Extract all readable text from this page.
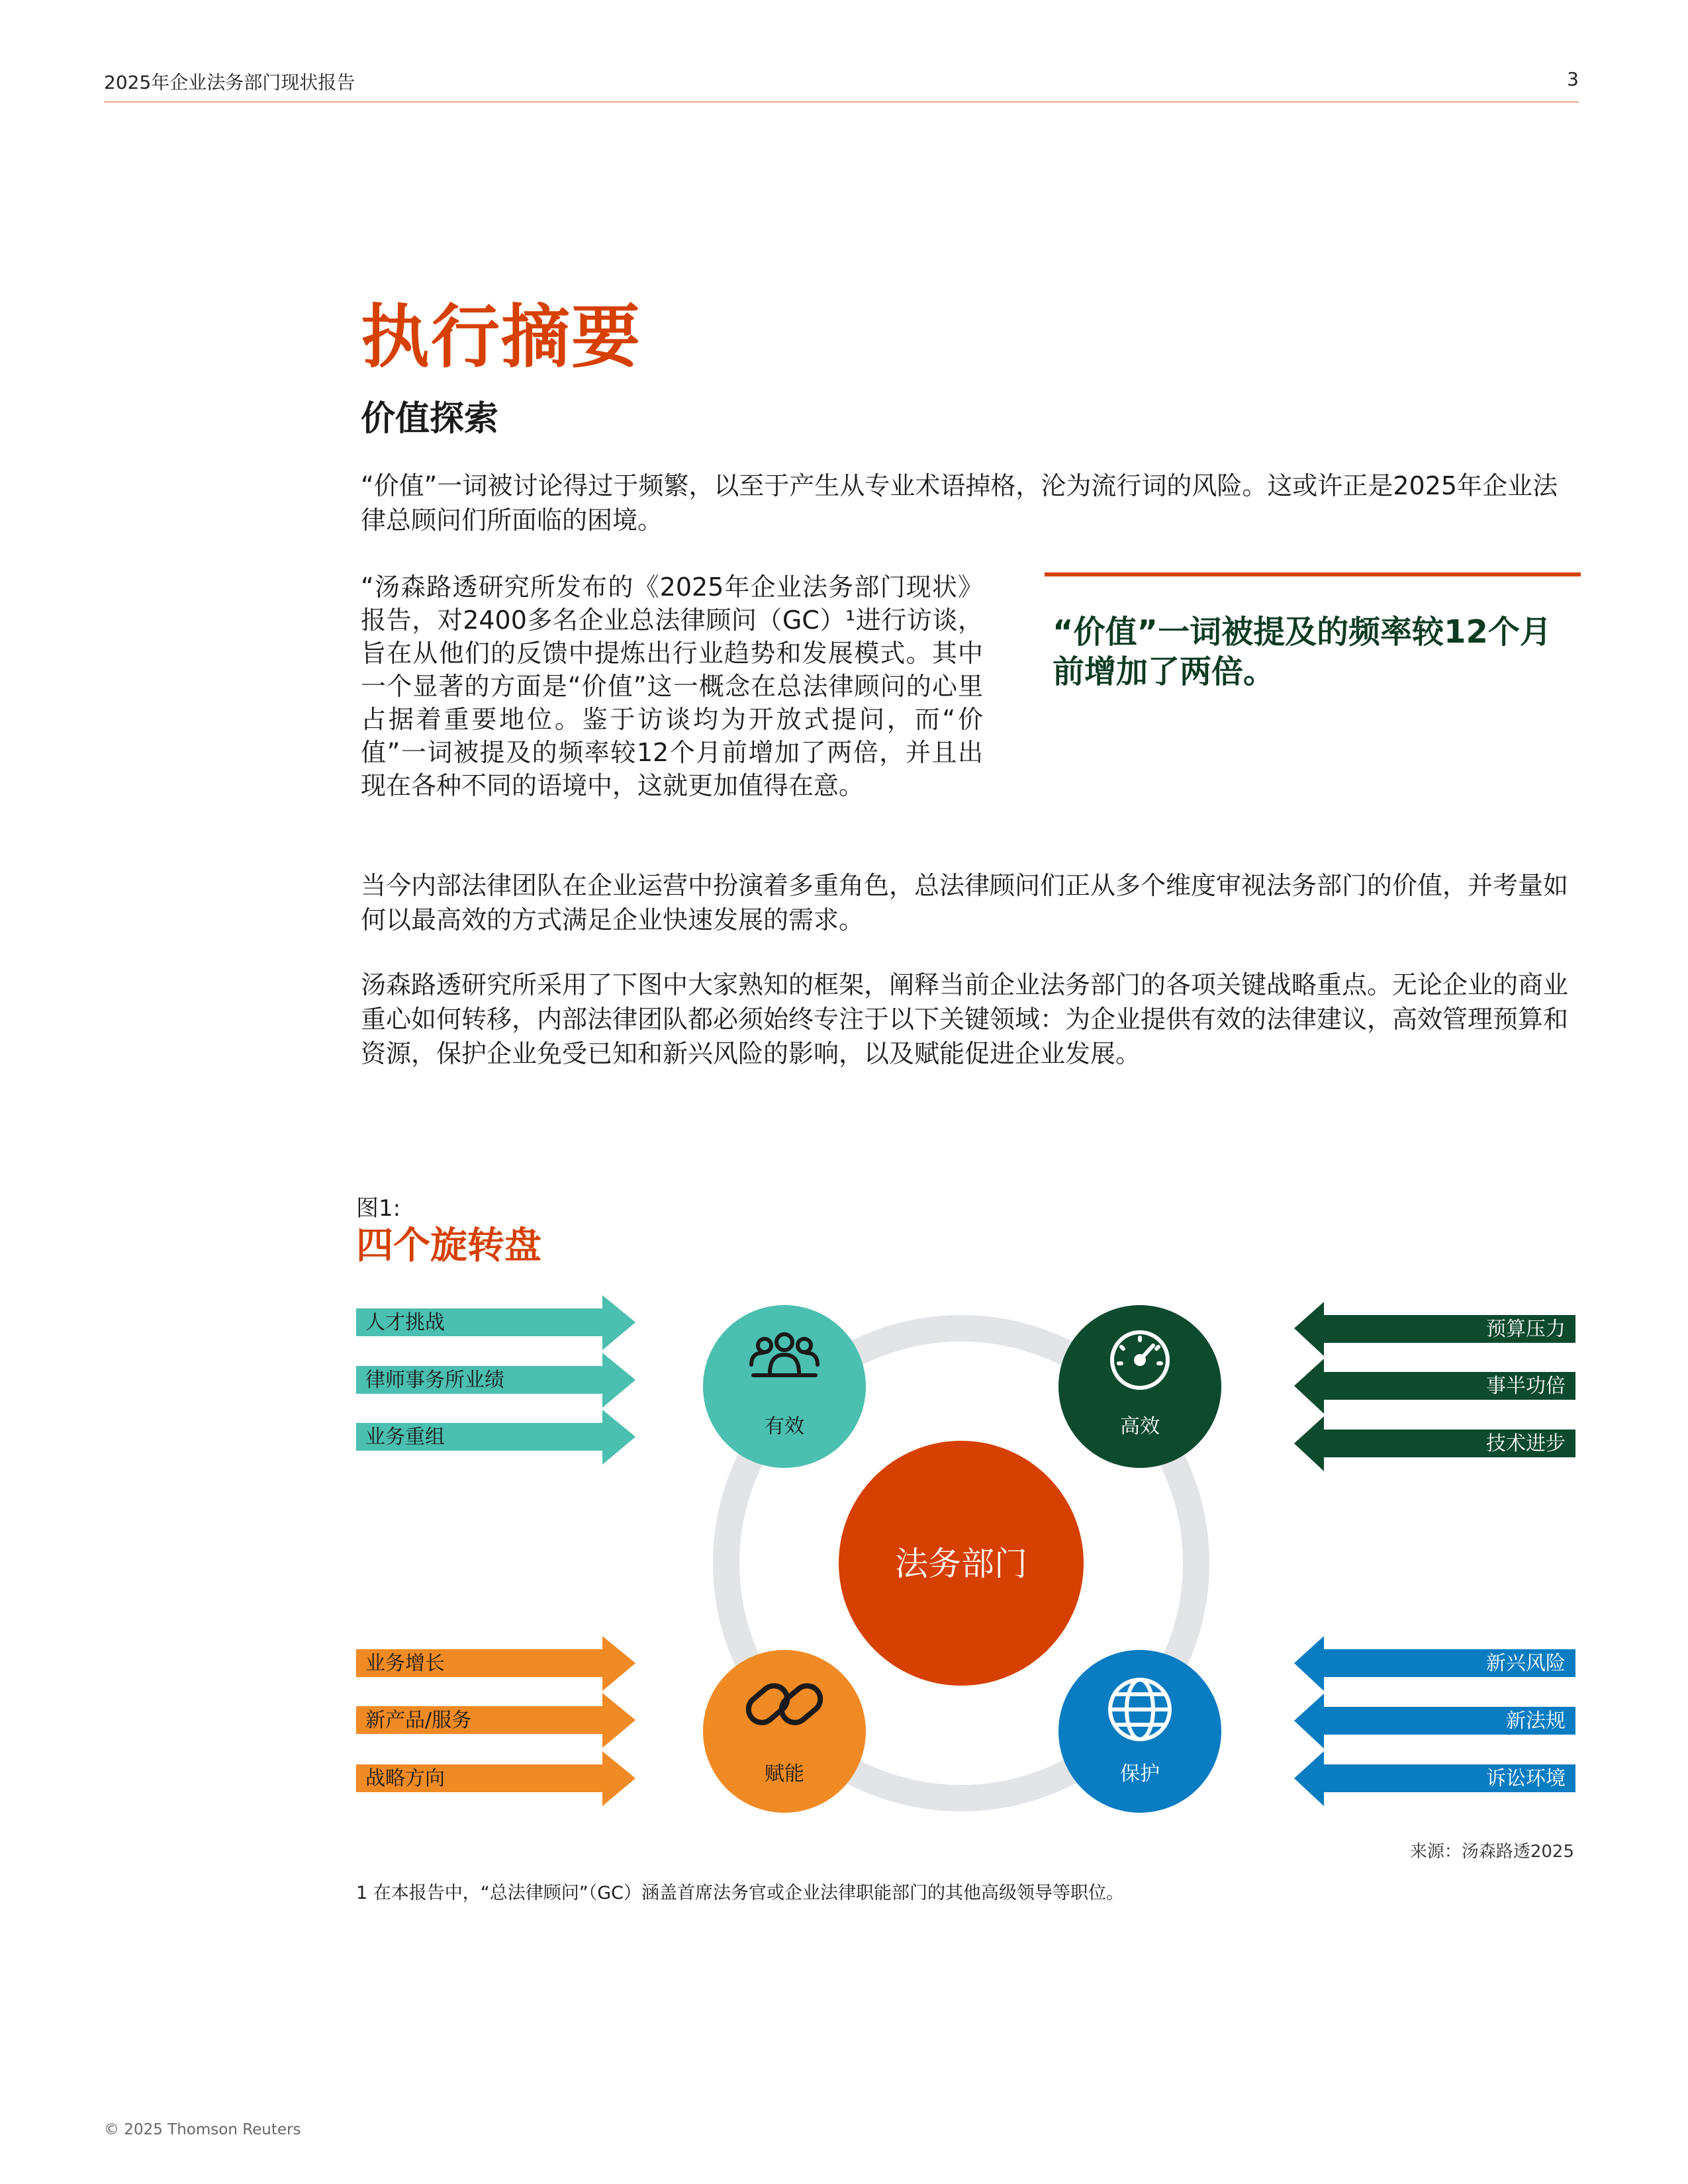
2025年企业法务部门现状报告	3
执行摘要
价值探索
“价值”一词被讨论得过于频繁，以至于产生从专业术语掉格，沦为流行词的风险。这或许正是2025年企业法律总顾问们所面临的困境。
“汤森路透研究所发布的《2025年企业法务部门现状》报告，对2400多名企业总法律顾问（GC）¹进行访谈，旨在从他们的反馈中提炼出行业趋势和发展模式。其中一个显著的方面是“价值”这一概念在总法律顾问的心里占据着重要地位。鉴于访谈均为开放式提问，而“价值”一词被提及的频率较12个月前增加了两倍，并且出现在各种不同的语境中，这就更加值得在意。
“价值”一词被提及的频率较12个月前增加了两倍。
当今内部法律团队在企业运营中扮演着多重角色，总法律顾问们正从多个维度审视法务部门的价值，并考量如何以最高效的方式满足企业快速发展的需求。
汤森路透研究所采用了下图中大家熟知的框架，阐释当前企业法务部门的各项关键战略重点。无论企业的商业重心如何转移，内部法律团队都必须始终专注于以下关键领域：为企业提供有效的法律建议，高效管理预算和资源，保护企业免受已知和新兴风险的影响，以及赋能促进企业发展。
图1:
四个旋转盘
法务部门
有效	高效
赋能	保护
人才挑战
律师事务所业绩
业务重组
预算压力
事半功倍
技术进步
业务增长
新产品/服务
战略方向
新兴风险
新法规
诉讼环境
来源：汤森路透2025
1 在本报告中，“总法律顾问”（GC）涵盖首席法务官或企业法律职能部门的其他高级领导等职位。
© 2025 Thomson Reuters
